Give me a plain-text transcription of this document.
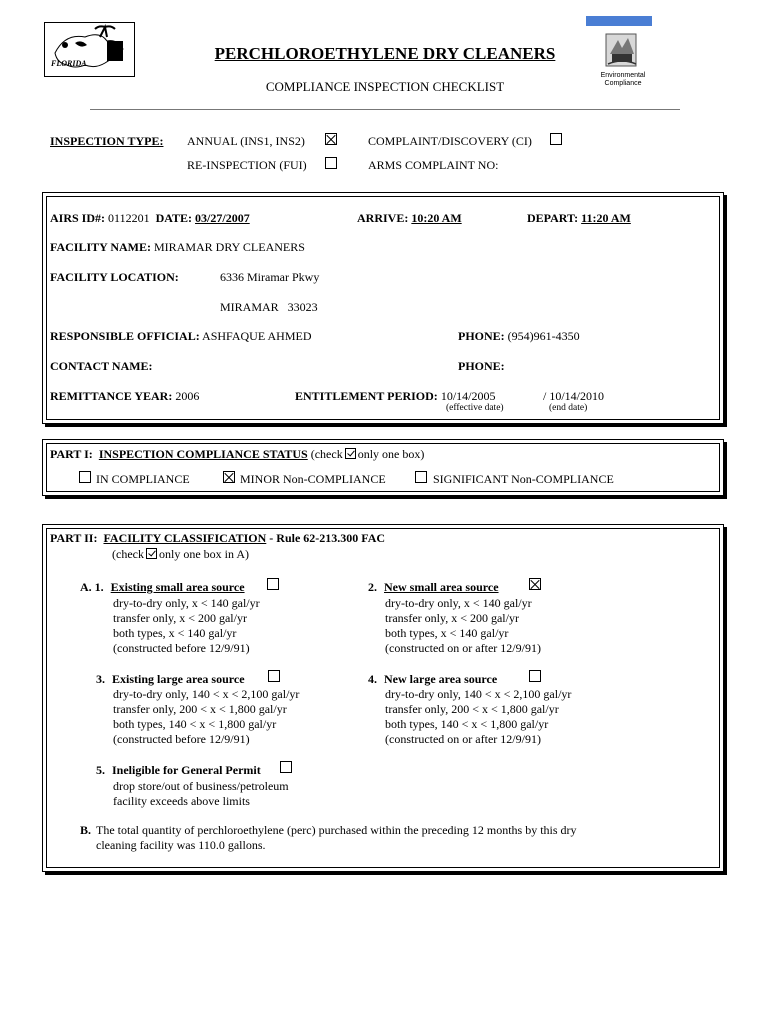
FLORIDA
PERCHLOROETHYLENE DRY CLEANERS
COMPLIANCE INSPECTION CHECKLIST
Environmental Compliance
INSPECTION TYPE: ANNUAL (INS1, INS2)	COMPLAINT/DISCOVERY (CI)
RE-INSPECTION (FUI)	ARMS COMPLAINT NO:
AIRS ID#: 0112201 DATE: 03/27/2007	ARRIVE: 10:20 AM	DEPART: 11:20 AM
FACILITY NAME: MIRAMAR DRY CLEANERS
FACILITY LOCATION:	6336 Miramar Pkwy
MIRAMAR   33023
RESPONSIBLE OFFICIAL: ASHFAQUE AHMED	PHONE: (954)961-4350
CONTACT NAME:	PHONE:
REMITTANCE YEAR: 2006	ENTITLEMENT PERIOD: 10/14/2005	/ 10/14/2010
(effective date)	(end date)
PART I: INSPECTION COMPLIANCE STATUS (check only one box)
IN COMPLIANCE	MINOR Non-COMPLIANCE	SIGNIFICANT Non-COMPLIANCE
PART II: FACILITY CLASSIFICATION - Rule 62-213.300 FAC
(check only one box in A)
A. 1. Existing small area source
dry-to-dry only, x < 140 gal/yr
transfer only, x < 200 gal/yr
both types, x < 140 gal/yr
(constructed before 12/9/91)
2. New small area source
dry-to-dry only, x < 140 gal/yr
transfer only, x < 200 gal/yr
both types, x < 140 gal/yr
(constructed on or after 12/9/91)
3. Existing large area source
dry-to-dry only, 140 < x < 2,100 gal/yr
transfer only, 200 < x < 1,800 gal/yr
both types, 140 < x < 1,800 gal/yr
(constructed before 12/9/91)
4. New large area source
dry-to-dry only, 140 < x < 2,100 gal/yr
transfer only, 200 < x < 1,800 gal/yr
both types, 140 < x < 1,800 gal/yr
(constructed on or after 12/9/91)
5. Ineligible for General Permit
drop store/out of business/petroleum
facility exceeds above limits
B. The total quantity of perchloroethylene (perc) purchased within the preceding 12 months by this dry
cleaning facility was 110.0 gallons.
